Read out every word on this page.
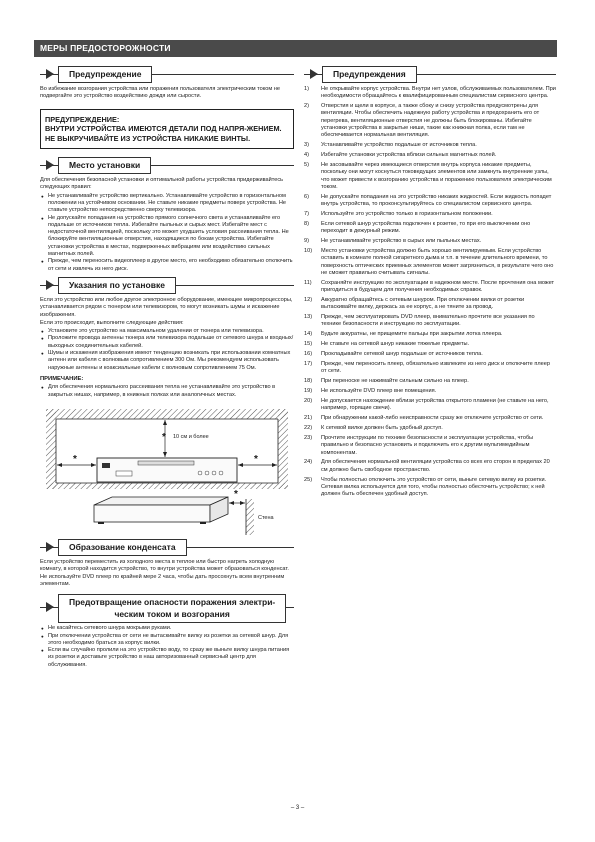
МЕРЫ ПРЕДОСТОРОЖНОСТИ
Предупреждение

Во избежание возгорания устройства или поражения пользователя электрическим током не подвергайте это устройство воздействию дождя или сырости.

ПРЕДУПРЕЖДЕНИЕ:
ВНУТРИ УСТРОЙСТВА ИМЕЮТСЯ ДЕТАЛИ ПОД НАПРЯ-ЖЕНИЕМ.
НЕ ВЫКРУЧИВАЙТЕ ИЗ УСТРОЙСТВА НИКАКИЕ ВИНТЫ.
Место установки

Для обеспечения безопасной установки и оптимальной работы устройства придерживайтесь следующих правил:

● Не устанавливайте устройство вертикально. Устанавливайте устройство в горизонтальном положении на устойчивом основании. Не ставьте никакие предметы поверх устройства. Не ставьте устройство непосредственно сверху телевизора.
● Не допускайте попадания на устройство прямого солнечного света и устанавливайте его подальше от источников тепла. Избегайте пыльных и сырых мест. Избегайте мест с недостаточной вентиляцией, поскольку это может ухудшить условия рассеивания тепла. Не блокируйте вентиляционные отверстия, находящиеся по бокам устройства. Избегайте установки устройства в местах, подверженных вибрациям или воздействию сильных магнитных полей.
● Прежде, чем переносить видеоплеер в другое место, его необходимо обязательно отключить от сети и извлечь из него диск.
Указания по установке

Если это устройство или любое другое электронное оборудование, имеющее микропроцессоры, устанавливается рядом с тюнером или телевизором, то могут возникать шумы и искажение изображения.

Если это происходит, выполните следующие действия:

● Установите это устройство на максимальном удалении от тюнера или телевизора.
● Проложите провода антенны тюнера или телевизора подальше от сетевого шнура и входных/выходных соединительных кабелей.
● Шумы и искажения изображения имеют тенденцию возникать при использовании комнатных антенн или кабеля с волновым сопротивлением 300 Ом. Мы рекомендуем использовать наружные антенны и коаксиальные кабели с волновым сопротивлением 75 Ом.
ПРИМЕЧАНИЕ:
● Для обеспечения нормального рассеивания тепла не устанавливайте это устройство в закрытых нишах, например, в книжных полках или аналогичных местах.
* 10 см и более
*	*
*
Стена
Образование конденсата

Если устройство переместить из холодного места в теплое или быстро нагреть холодную комнату, в которой находится устройство, то внутри устройства может образоваться конденсат. Не используйте DVD плеер по крайней мере 2 часа, чтобы дать просохнуть всем внутренним элементам.

Предотвращение опасности поражения электри-
ческим током и возгорания
● Не касайтесь сетевого шнура мокрыми руками.
● При отключении устройства от сети не вытаскивайте вилку из розетки за сетевой шнур. Для этого необходимо браться за корпус вилки.
● Если вы случайно пролили на это устройство воду, то сразу же выньте вилку шнура питания из розетки и доставьте устройство в наш авторизованный сервисный центр для обслуживания.
Предупреждения
1)	Не открывайте корпус устройства. Внутри нет узлов, обслуживаемых пользователем. При необходимости обращайтесь к квалифицированным специалистам сервисного центра.
2)	Отверстия и щели в корпусе, а также сбоку и снизу устройства предусмотрены для вентиляции. Чтобы обеспечить надежную работу устройства и предохранить его от перегрева, вентиляционные отверстия не должны быть блокированы. Избегайте установки устройства в закрытые ниши, такие как книжная полка, если там не обеспечивается нормальная вентиляция.
3)	Устанавливайте устройство подальше от источников тепла.
4)	Избегайте установки устройства вблизи сильных магнитных полей.
5)	Не засовывайте через имеющиеся отверстия внутрь корпуса никакие предметы, поскольку они могут коснуться токоведущих элементов или замкнуть внутренние узлы, что может привести к возгоранию устройства и поражению пользователя электрическим током.
6)	Не допускайте попадания на это устройство никаких жидкостей. Если жидкость попадет внутрь устройства, то проконсультируйтесь со специалистом сервисного центра.
7)	Используйте это устройство только в горизонтальном положении.
8)	Если сетевой шнур устройства подключен к розетке, то при его выключении оно переходит в дежурный режим.
9)	Не устанавливайте устройство в сырых или пыльных местах.
10)	Место установки устройства должно быть хорошо вентилируемым. Если устройство оставить в комнате полной сигаретного дыма и т.п. в течение длительного времени, то поверхность оптических приемных элементов может загрязниться, в результате чего оно не сможет правильно считывать сигналы.
11)	Сохраняйте инструкцию по эксплуатации в надежном месте. После прочтения она может пригодиться в будущем для получения необходимых справок.
12)	Аккуратно обращайтесь с сетевым шнуром. При отключении вилки от розетки вытаскивайте вилку, держась за ее корпус, а не тяните за провод.
13)	Прежде, чем эксплуатировать DVD плеер, внимательно прочтите все указания по технике безопасности и инструкцию по эксплуатации.
14)	Будьте аккуратны, не прищемите пальцы при закрытии лотка плеера.
15)	Не ставьте на сетевой шнур никакие тяжелые предметы.
16)	Прокладывайте сетевой шнур подальше от источников тепла.
17)	Прежде, чем переносить плеер, обязательно извлеките из него диск и отключите плеер от сети.
18)	При переноске не нажимайте сильным сильно на плеер.
19)	Не используйте DVD плеер вне помещения.
20)	Не допускается нахождение вблизи устройства открытого пламени (не ставьте на него, например, горящие свечи).
21)	При обнаружении какой-либо неисправности сразу же отключите устройство от сети.
22)	К сетевой вилке должен быть удобный доступ.
23)	Прочтите инструкции по технике безопасности и эксплуатации устройства, чтобы правильно и безопасно установить и подключить его к другим мультимедийным компонентам.
24)	Для обеспечения нормальной вентиляции устройства со всех его сторон в пределах 20 см должно быть свободное пространство.
25)	Чтобы полностью отключить это устройство от сети, выньте сетевую вилку из розетки. Сетевая вилка используется для того, чтобы полностью обесточить устройство; к ней должен быть обеспечен удобный доступ.
– 3 –
